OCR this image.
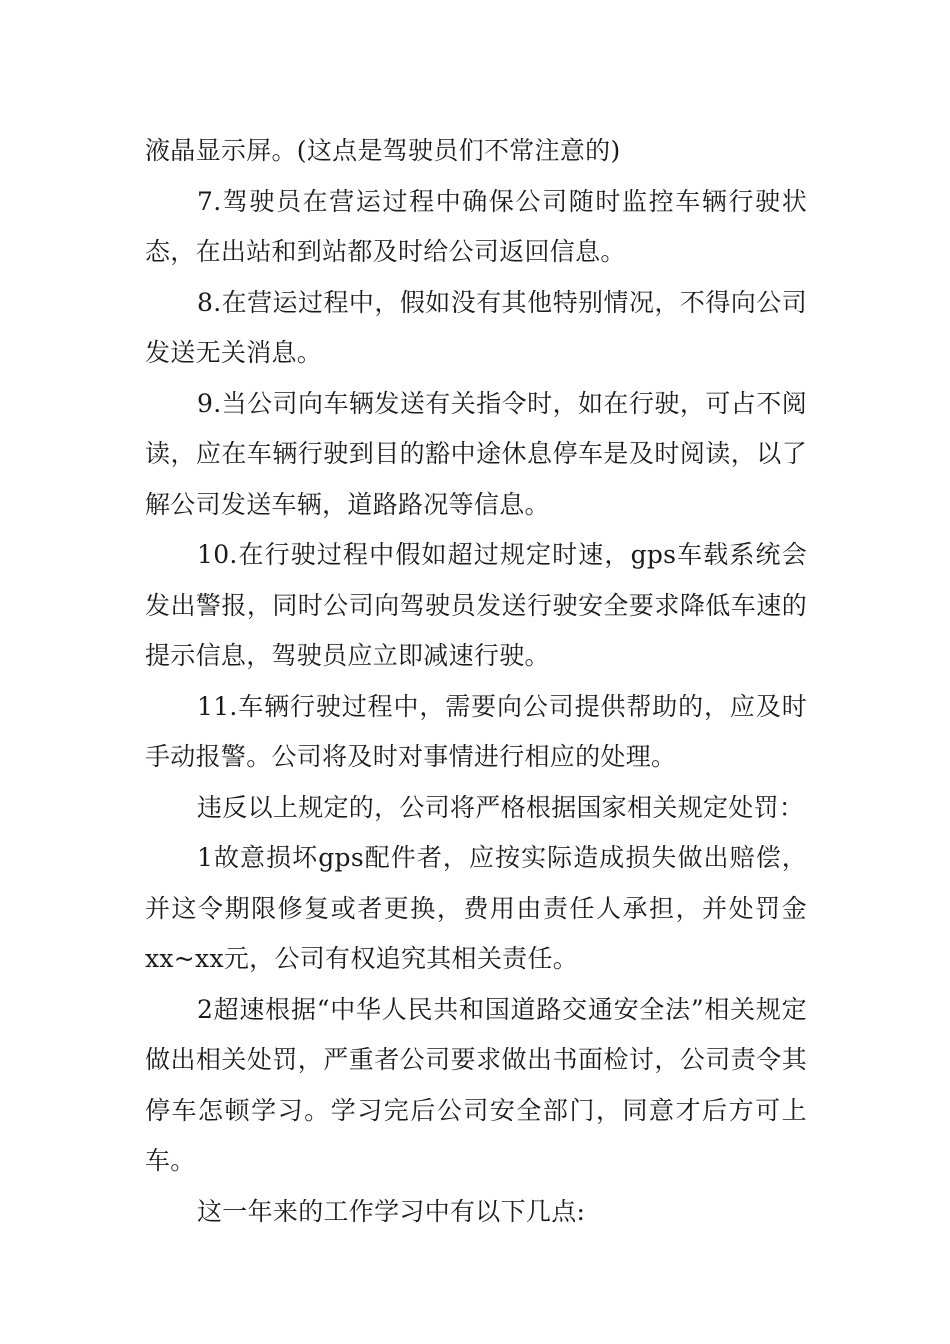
液晶显示屏。(这点是驾驶员们不常注意的)

7.驾驶员在营运过程中确保公司随时监控车辆行驶状态，在出站和到站都及时给公司返回信息。

8.在营运过程中，假如没有其他特别情况，不得向公司发送无关消息。

9.当公司向车辆发送有关指令时，如在行驶，可占不阅读，应在车辆行驶到目的豁中途休息停车是及时阅读，以了解公司发送车辆，道路路况等信息。

10.在行驶过程中假如超过规定时速，gps车载系统会发出警报，同时公司向驾驶员发送行驶安全要求降低车速的提示信息，驾驶员应立即减速行驶。

11.车辆行驶过程中，需要向公司提供帮助的，应及时手动报警。公司将及时对事情进行相应的处理。

违反以上规定的，公司将严格根据国家相关规定处罚：

1故意损坏gps配件者，应按实际造成损失做出赔偿，并这令期限修复或者更换，费用由责任人承担，并处罚金xx~xx元，公司有权追究其相关责任。

2超速根据“中华人民共和国道路交通安全法”相关规定做出相关处罚，严重者公司要求做出书面检讨，公司责令其停车怎顿学习。学习完后公司安全部门，同意才后方可上车。

这一年来的工作学习中有以下几点:
